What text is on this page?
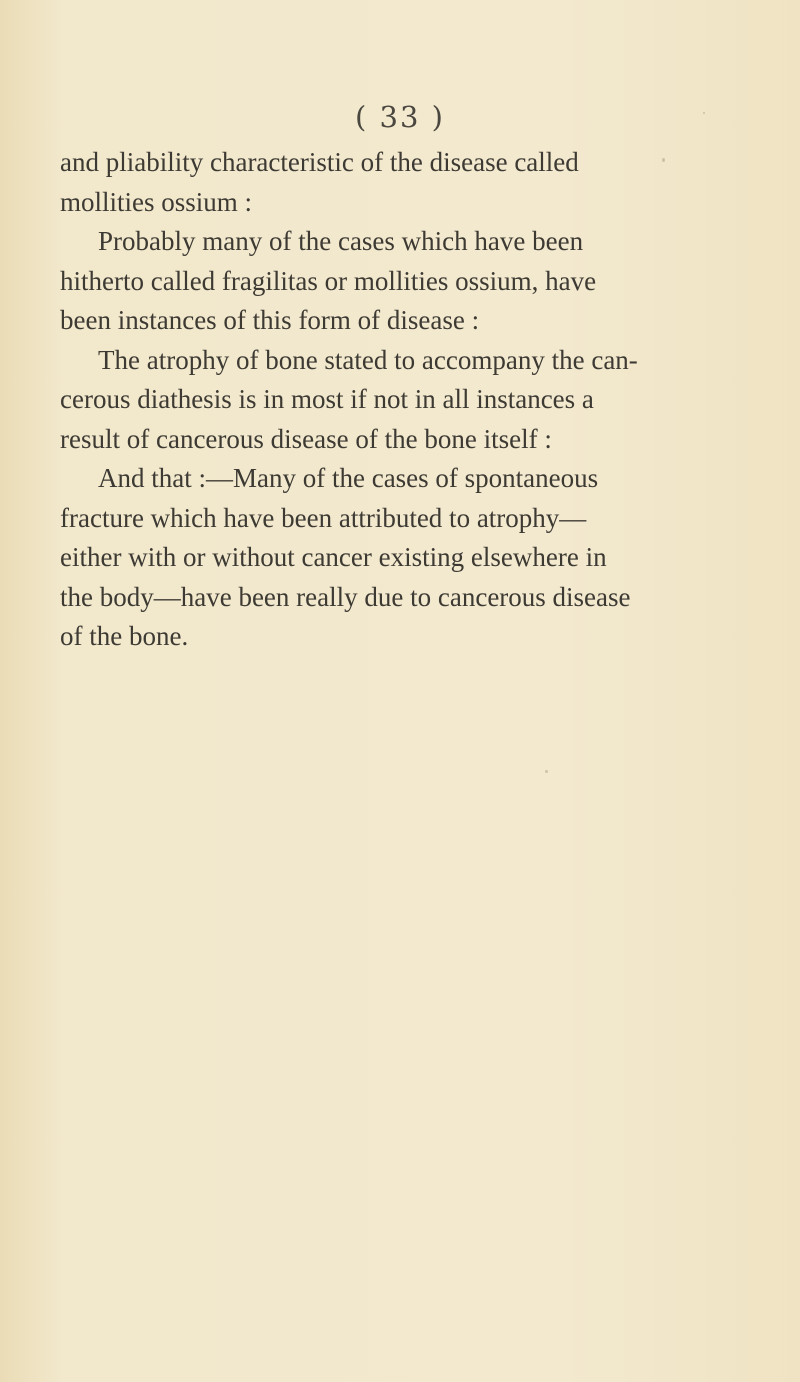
( 33 )
and pliability characteristic of the disease called
mollities ossium :
Probably many of the cases which have been
hitherto called fragilitas or mollities ossium, have
been instances of this form of disease :
The atrophy of bone stated to accompany the can-
cerous diathesis is in most if not in all instances a
result of cancerous disease of the bone itself :
And that :—Many of the cases of spontaneous
fracture which have been attributed to atrophy—
either with or without cancer existing elsewhere in
the body—have been really due to cancerous disease
of the bone.
